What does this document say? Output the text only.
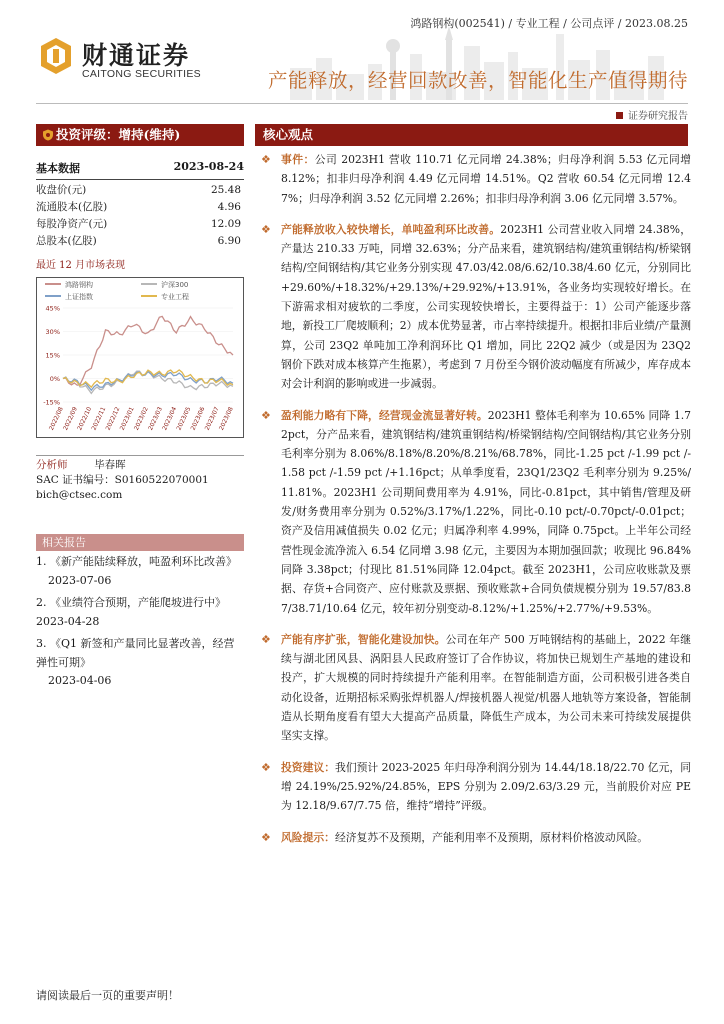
财通证券
CAITONG SECURITIES
鸿路钢构(002541) / 专业工程 / 公司点评 / 2023.08.25
产能释放，经营回款改善，智能化生产值得期待
证券研究报告
投资评级：增持(维持)	核心观点
基本数据	2023-08-24
收盘价(元)	25.48
流通股本(亿股)	4.96
每股净资产(元)	12.09
总股本(亿股)	6.90
最近 12 月市场表现
鸿路钢构	沪深300
上证指数	专业工程
45%
30%
15%
0%
-15%
2022/08
2022/09
2022/10
2022/11
2022/12
2023/01
2023/02
2023/03
2023/04
2023/05
2023/06
2023/07
2023/08
分析师	毕春晖
SAC 证书编号：S0160522070001
bich@ctsec.com
相关报告
1. 《新产能陆续释放，吨盈利环比改善》
2023-07-06
2. 《业绩符合预期，产能爬坡进行中》
2023-04-28
3. 《Q1 新签和产量同比显著改善，经营弹性可期》
2023-04-06
❖ 事件：公司 2023H1 营收 110.71 亿元同增 24.38%；归母净利润 5.53 亿元同增 8.12%；扣非归母净利润 4.49 亿元同增 14.51%。Q2 营收 60.54 亿元同增 12.47%；归母净利润 3.52 亿元同增 2.26%；扣非归母净利润 3.06 亿元同增 3.57%。
❖ 产能释放收入较快增长，单吨盈利环比改善。2023H1 公司营业收入同增 24.38%，产量达 210.33 万吨，同增 32.63%；分产品来看，建筑钢结构/建筑重钢结构/桥梁钢结构/空间钢结构/其它业务分别实现 47.03/42.08/6.62/10.38/4.60 亿元，分别同比+29.60%/+18.32%/+29.13%/+29.92%/+13.91%，各业务均实现较好增长。在下游需求相对疲软的二季度，公司实现较快增长，主要得益于：1）公司产能逐步落地，新投工厂爬坡顺利；2）成本优势显著，市占率持续提升。根据扣非后业绩/产量测算，公司 23Q2 单吨加工净利润环比 Q1 增加，同比 22Q2 减少（或是因为 23Q2 钢价下跌对成本核算产生拖累），考虑到 7 月份至今钢价波动幅度有所减少，库存成本对会计利润的影响或进一步减弱。
❖ 盈利能力略有下降，经营现金流显著好转。2023H1 整体毛利率为 10.65% 同降 1.72pct，分产品来看，建筑钢结构/建筑重钢结构/桥梁钢结构/空间钢结构/其它业务分别毛利率分别为 8.06%/8.18%/8.20%/8.21%/68.78%，同比-1.25 pct /-1.99 pct /-1.58 pct /-1.59 pct /+1.16pct；从单季度看，23Q1/23Q2 毛利率分别为 9.25%/11.81%。2023H1 公司期间费用率为 4.91%，同比-0.81pct，其中销售/管理及研发/财务费用率分别为 0.52%/3.17%/1.22%，同比-0.10 pct/-0.70pct/-0.01pct；资产及信用减值损失 0.02 亿元；归属净利率 4.99%，同降 0.75pct。上半年公司经营性现金流净流入 6.54 亿同增 3.98 亿元，主要因为本期加强回款；收现比 96.84%同降 3.38pct；付现比 81.51%同降 12.04pct。截至 2023H1，公司应收账款及票据、存货+合同资产、应付账款及票据、预收账款+合同负债规模分别为 19.57/83.87/38.71/10.64 亿元，较年初分别变动-8.12%/+1.25%/+2.77%/+9.53%。
❖ 产能有序扩张，智能化建设加快。公司在年产 500 万吨钢结构的基础上，2022 年继续与湖北团风县、涡阳县人民政府签订了合作协议，将加快已规划生产基地的建设和投产，扩大规模的同时持续提升产能利用率。在智能制造方面，公司积极引进各类自动化设备，近期招标采购张焊机器人/焊接机器人视觉/机器人地轨等方案设备，智能制造从长期角度看有望大大提高产品质量，降低生产成本，为公司未来可持续发展提供坚实支撑。
❖ 投资建议：我们预计 2023-2025 年归母净利润分别为 14.44/18.18/22.70 亿元，同增 24.19%/25.92%/24.85%，EPS 分别为 2.09/2.63/3.29 元，当前股价对应 PE 为 12.18/9.67/7.75 倍，维持“增持”评级。
❖ 风险提示：经济复苏不及预期，产能利用率不及预期，原材料价格波动风险。
请阅读最后一页的重要声明！
